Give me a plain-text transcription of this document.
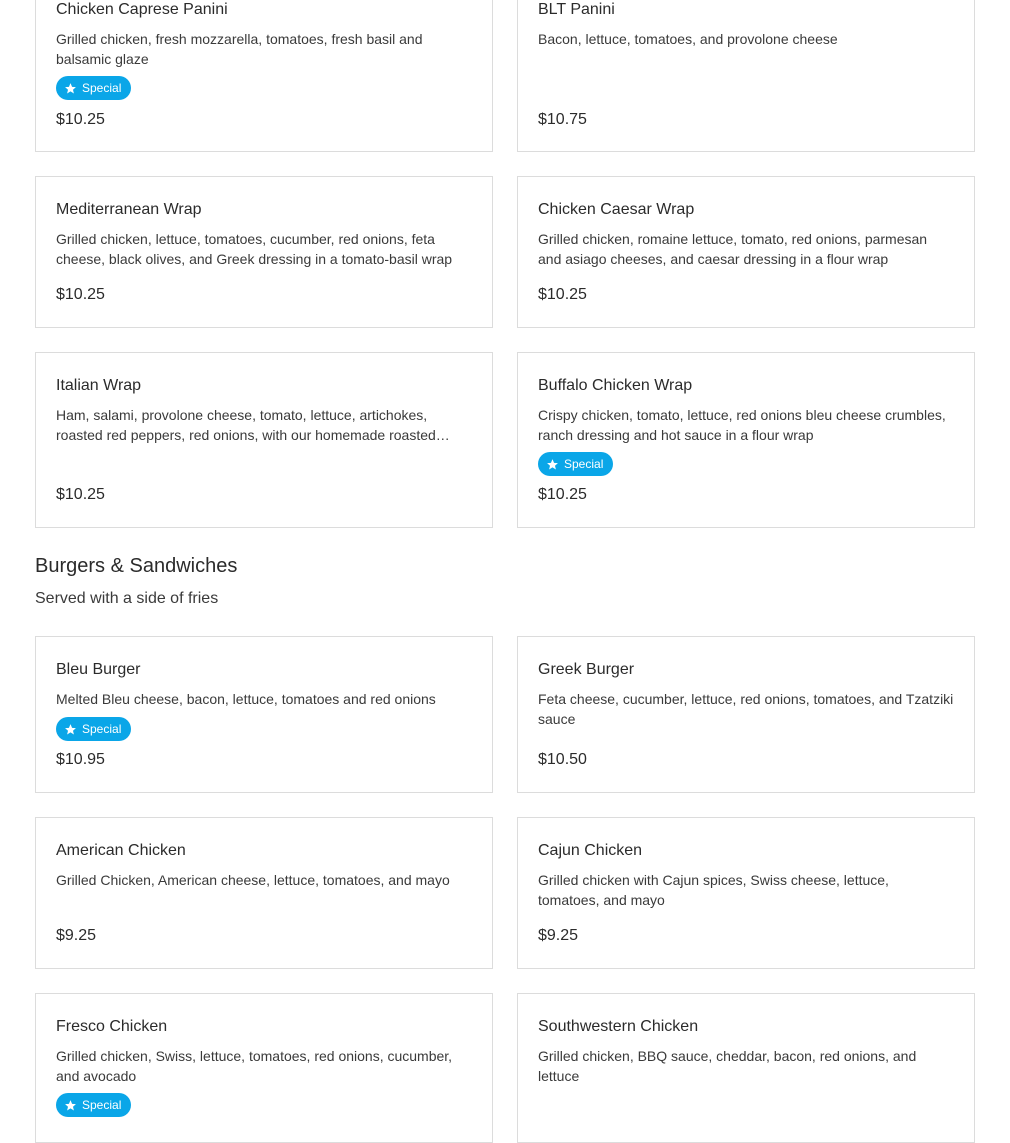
Chicken Caprese Panini
Grilled chicken, fresh mozzarella, tomatoes, fresh basil and balsamic glaze
Special
$10.25
BLT Panini
Bacon, lettuce, tomatoes, and provolone cheese
$10.75
Mediterranean Wrap
Grilled chicken, lettuce, tomatoes, cucumber, red onions, feta cheese, black olives, and Greek dressing in a tomato-basil wrap
$10.25
Chicken Caesar Wrap
Grilled chicken, romaine lettuce, tomato, red onions, parmesan and asiago cheeses, and caesar dressing in a flour wrap
$10.25
Italian Wrap
Ham, salami, provolone cheese, tomato, lettuce, artichokes, roasted red peppers, red onions, with our homemade roasted…
$10.25
Buffalo Chicken Wrap
Crispy chicken, tomato, lettuce, red onions bleu cheese crumbles, ranch dressing and hot sauce in a flour wrap
Special
$10.25
Burgers & Sandwiches
Served with a side of fries
Bleu Burger
Melted Bleu cheese, bacon, lettuce, tomatoes and red onions
Special
$10.95
Greek Burger
Feta cheese, cucumber, lettuce, red onions, tomatoes, and Tzatziki sauce
$10.50
American Chicken
Grilled Chicken, American cheese, lettuce, tomatoes, and mayo
$9.25
Cajun Chicken
Grilled chicken with Cajun spices, Swiss cheese, lettuce, tomatoes, and mayo
$9.25
Fresco Chicken
Grilled chicken, Swiss, lettuce, tomatoes, red onions, cucumber, and avocado
Special
Southwestern Chicken
Grilled chicken, BBQ sauce, cheddar, bacon, red onions, and lettuce
